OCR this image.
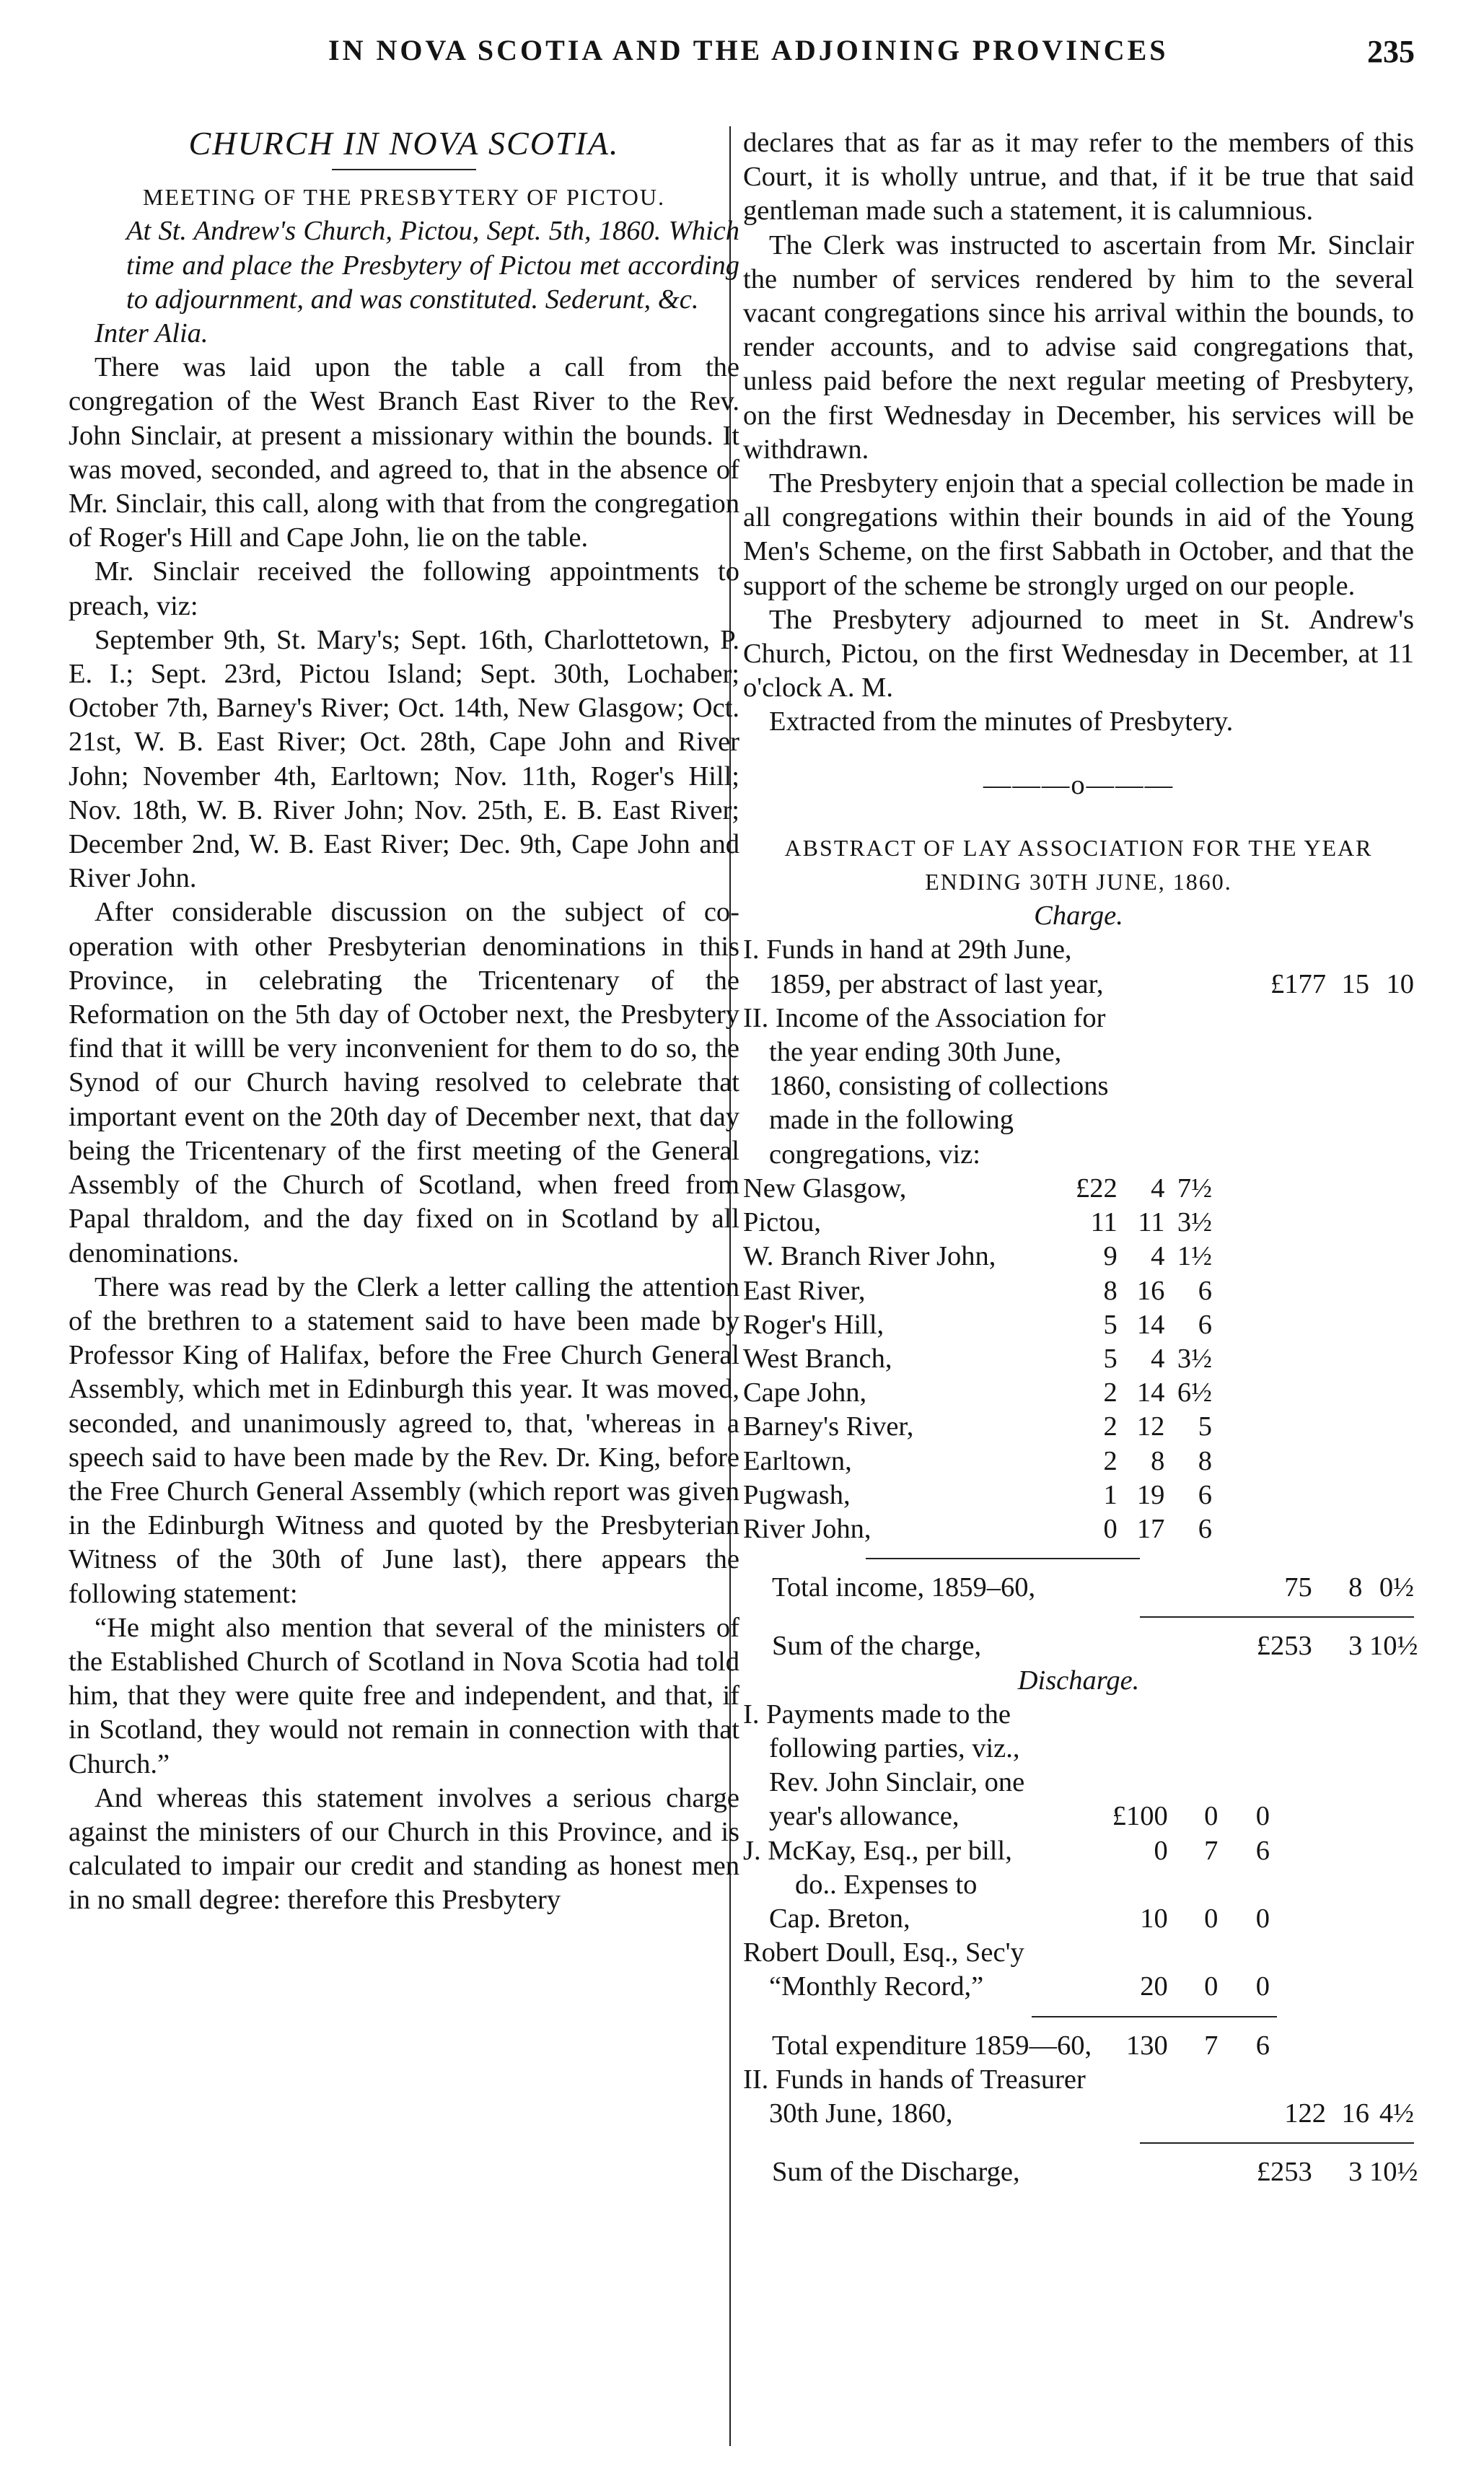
IN NOVA SCOTIA AND THE ADJOINING PROVINCES	235

CHURCH IN NOVA SCOTIA.

MEETING OF THE PRESBYTERY OF PICTOU.

At St. Andrew's Church, Pictou, Sept. 5th, 1860. Which time and place the Presbytery of Pictou met according to adjournment, and was constituted. Sederunt, &c.

Inter Alia.

There was laid upon the table a call from the congregation of the West Branch East River to the Rev. John Sinclair, at present a missionary within the bounds. It was moved, seconded, and agreed to, that in the absence of Mr. Sinclair, this call, along with that from the congregation of Roger's Hill and Cape John, lie on the table.

Mr. Sinclair received the following appointments to preach, viz:

September 9th, St. Mary's; Sept. 16th, Charlottetown, P. E. I.; Sept. 23rd, Pictou Island; Sept. 30th, Lochaber; October 7th, Barney's River; Oct. 14th, New Glasgow; Oct. 21st, W. B. East River; Oct. 28th, Cape John and River John; November 4th, Earltown; Nov. 11th, Roger's Hill; Nov. 18th, W. B. River John; Nov. 25th, E. B. East River; December 2nd, W. B. East River; Dec. 9th, Cape John and River John.

After considerable discussion on the subject of co-operation with other Presbyterian denominations in this Province, in celebrating the Tricentenary of the Reformation on the 5th day of October next, the Presbytery find that it willl be very inconvenient for them to do so, the Synod of our Church having resolved to celebrate that important event on the 20th day of December next, that day being the Tricentenary of the first meeting of the General Assembly of the Church of Scotland, when freed from Papal thraldom, and the day fixed on in Scotland by all denominations.

There was read by the Clerk a letter calling the attention of the brethren to a statement said to have been made by Professor King of Halifax, before the Free Church General Assembly, which met in Edinburgh this year. It was moved, seconded, and unanimously agreed to, that, 'whereas in a speech said to have been made by the Rev. Dr. King, before the Free Church General Assembly (which report was given in the Edinburgh Witness and quoted by the Presbyterian Witness of the 30th of June last), there appears the following statement:

“He might also mention that several of the ministers of the Established Church of Scotland in Nova Scotia had told him, that they were quite free and independent, and that, if in Scotland, they would not remain in connection with that Church.”

And whereas this statement involves a serious charge against the ministers of our Church in this Province, and is calculated to impair our credit and standing as honest men in no small degree: therefore this Presbytery

declares that as far as it may refer to the members of this Court, it is wholly untrue, and that, if it be true that said gentleman made such a statement, it is calumnious.

The Clerk was instructed to ascertain from Mr. Sinclair the number of services rendered by him to the several vacant congregations since his arrival within the bounds, to render accounts, and to advise said congregations that, unless paid before the next regular meeting of Presbytery, on the first Wednesday in December, his services will be withdrawn.

The Presbytery enjoin that a special collection be made in all congregations within their bounds in aid of the Young Men's Scheme, on the first Sabbath in October, and that the support of the scheme be strongly urged on our people.

The Presbytery adjourned to meet in St. Andrew's Church, Pictou, on the first Wednesday in December, at 11 o'clock A. M.

Extracted from the minutes of Presbytery.

———o———

ABSTRACT OF LAY ASSOCIATION FOR THE YEAR ENDING 30TH JUNE, 1860.

Charge.

I. Funds in hand at 29th June,

1859, per abstract of last year,	£177 15 10

II. Income of the Association for the year ending 30th June, 1860, consisting of collections made in the following congregations, viz:

New Glasgow,	£22 4 7½
Pictou,	11 11 3½
W. Branch River John,	9 4 1½
East River,	8 16 6
Roger's Hill,	5 14 6
West Branch,	5 4 3½
Cape John,	2 14 6½
Barney's River,	2 12 5
Earltown,	2 8 8
Pugwash,	1 19 6
River John,	0 17 6
Total income, 1859–60,	75 8 0½
Sum of the charge,	£253 3 10½

Discharge.

I. Payments made to the

following parties, viz.,

Rev. John Sinclair, one

year's allowance,	£100 0 0
J. McKay, Esq., per bill,	0 7 6

do.. Expenses to

Cap. Breton,	10 0 0

Robert Doull, Esq., Sec'y

“Monthly Record,”	20 0 0
Total expenditure 1859—60,	130 7 6

II. Funds in hands of Treasurer

30th June, 1860,	122 16 4½
Sum of the Discharge,	£253 3 10½
